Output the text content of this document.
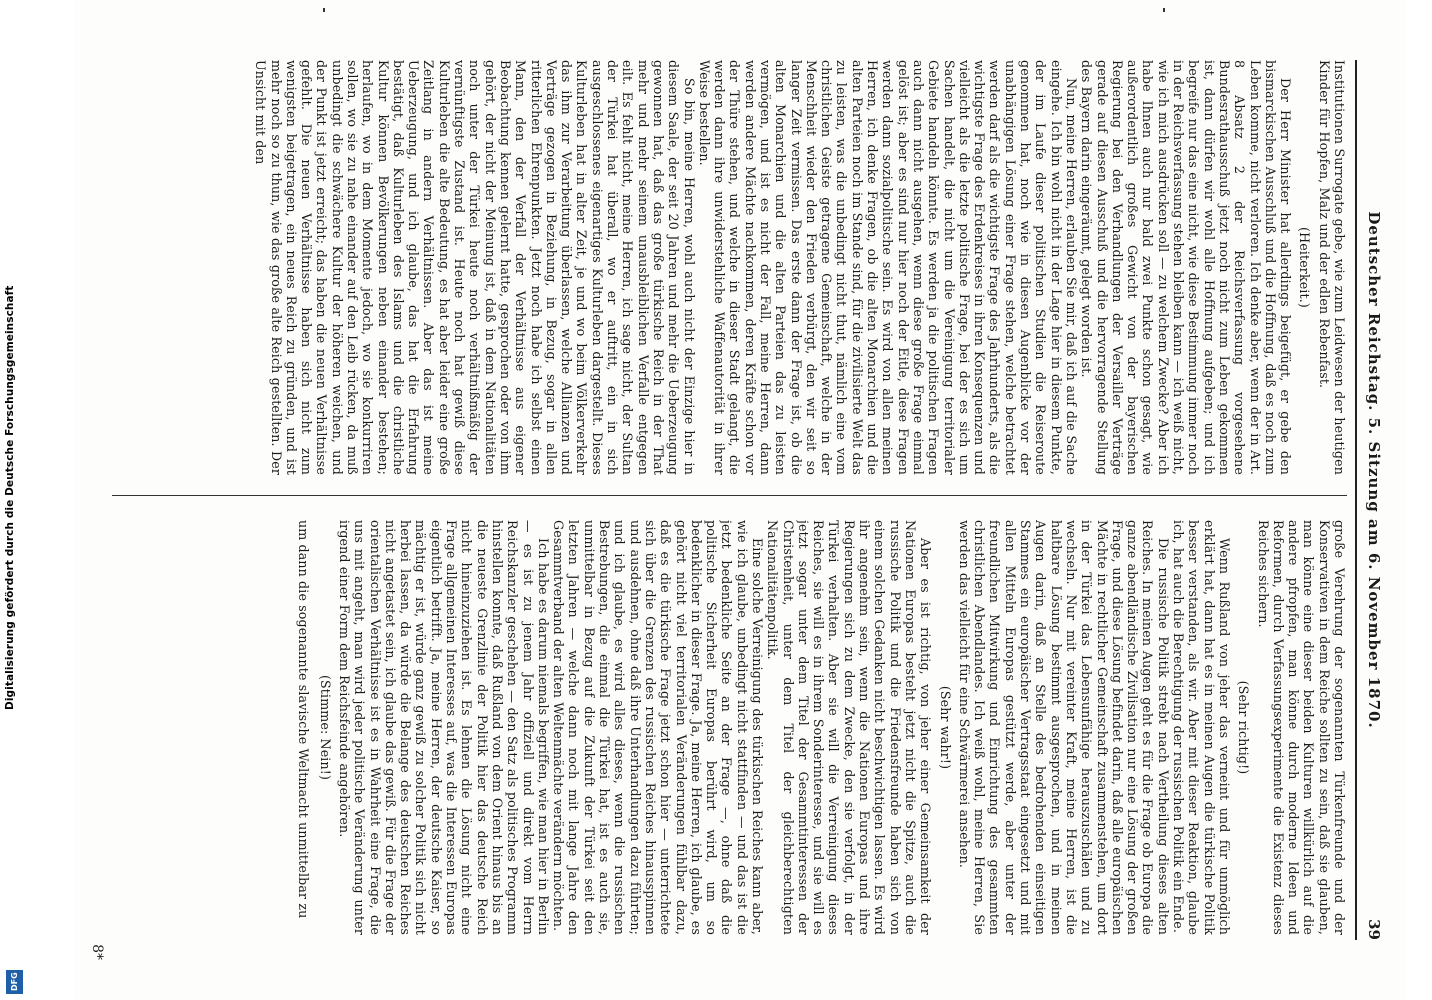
Deutscher Reichstag. 5. Sitzung am 6. November 1870.
39

Institutionen Surrogate gebe, wie zum Leidwesen der heutigen Kinder für Hopfen, Malz und der edlen Rebenfast.

(Heiterkeit.)

Der Herr Minister hat allerdings beigefügt, er gebe den bismarckischen Ausschluß und die Hoffnung, daß es noch zum Leben komme, nicht verloren. Ich denke aber, wenn der in Art. 8 Absatz 2 der Reichsverfassung vorgesehene Bundesrathausschuß jetzt noch nicht zum Leben gekommen ist, dann dürfen wir wohl alle Hoffnung aufgeben; und ich begreife nur das eine nicht, wie diese Bestimmung immer noch in der Reichsverfassung stehen bleiben kann — ich weiß nicht, wie ich mich ausdrücken soll — zu welchem Zwecke? Aber ich habe Ihnen auch nur bald zwei Punkte schon gesagt, wie außerordentlich großes Gewicht von der bayerischen Regierung bei den Verhandlungen der Versailler Verträge gerade auf diesen Ausschuß und die hervorragende Stellung des Bayern darin eingeräumt, gelegt worden ist.

Nun, meine Herren, erlauben Sie mir, daß ich auf die Sache eingehe. Ich bin wohl nicht in der Lage hier in diesem Punkte, der im Laufe dieser politischen Studien die Reiseroute genommen hat, noch wie in diesen Augenblicke vor der unabhängigen Lösung einer Frage stehen, welche betrachtet werden darf als die wichtigste Frage des Jahrhunderts, als die wichtigste Frage des Erdenkreises in ihren Konsequenzen und vielleicht als die letzte politische Frage, bei der es sich um Sachen handelt, die nicht um die Vereinigung territorialer Gebiete handeln könnte. Es werden ja die politischen Fragen auch dann nicht ausgehen, wenn diese große Frage einmal gelöst ist; aber es sind nur hier noch der Eitle, diese Fragen werden dann sozialpolitische sein. Es wird von allen meinen Herren, ich denke Fragen, ob die alten Monarchien und die alten Parteien noch im Stande sind, für die zivilisierte Welt das zu leisten, was die unbedingt nicht thut, nämlich eine vom christlichen Geiste getragene Gemeinschaft, welche in der Menschheit wieder den Frieden verbürgt, den wir seit so langer Zeit vermissen. Das erste dann der Frage ist, ob die alten Monarchien und die alten Parteien das zu leisten vermögen, und ist es nicht der Fall, meine Herren, dann werden andere Mächte nachkommen, deren Kräfte schon vor der Thüre stehen, und welche in dieser Stadt gelangt, die werden dann ihre unwiderstehliche Waffenautorität in ihrer Weise bestellen.

So bin, meine Herren, wohl auch nicht der Einzige hier in diesem Saale, der seit 20 Jahren und mehr die Ueberzeugung gewonnen hat, daß das große türkische Reich in der That mehr und mehr seinem unausbleiblichen Verfalle entgegen eilt. Es fehlt nicht, meine Herren, ich sage nicht, der Sultan der Türkei hat überall, wo er auftritt, ein in sich ausgeschlossenes eigenartiges Kulturleben dargestellt. Dieses Kulturleben hat in alter Zeit, je und wo beim Völkerverkehr das ihm zur Verarbeitung überlassen, welche Allianzen und Verträge gezogen in Beziehung, in Bezug, sogar in allen ritterlichen Ehrenpunkten. Jetzt noch habe ich selbst einen Mann, den der Verfall der Verhältnisse aus eigener Beobachtung kennen gelernt hatte, gesprochen oder von ihm gehört, der nicht der Meinung ist, daß in dem Nationalitäten noch unter der Türkei heute noch verhältnißmäßig der vernünftigste Zustand ist. Heute noch hat gewiß diese Kulturleben die alte Bedeutung, es hat aber leider eine große Zeitlang in andern Verhältnissen. Aber das ist meine Ueberzeugung, und ich glaube, das hat die Erfahrung bestätigt, daß Kulturleben des Islams und die christliche Kultur können Bevölkerungen neben einander bestehen; herlaufen, wo in dem Momente jedoch, wo sie konkurriren sollen, wo sie zu nahe einander auf den Leib rücken, da muß unbedingt die schwächere Kultur der höheren weichen, und der Punkt ist jetzt erreicht; das haben die neuen Verhältnisse gefehlt. Die neuen Verhältnisse haben sich nicht zum wenigsten beigetragen, ein neues Reich zu gründen, und ist mehr noch so zu thun, wie das große alte Reich gestellten. Der Unsicht mit den

große Verehrung der sogenannten Türkenfreunde und der Konservativen in dem Reiche sollten zu sein, daß sie glauben, man könne eine dieser beiden Kulturen willkürlich auf die andere pfropfen, man könne durch moderne Ideen und Reformen, durch Verfassungsexperimente die Existenz dieses Reiches sichern.

(Sehr richtig!)

Wenn Rußland von jeher das verneint und für unmöglich erklärt hat, dann hat es in meinen Augen die türkische Politik besser verstanden, als wir. Aber mit dieser Reaktion, glaube ich, hat auch die Berechtigung der russischen Politik ein Ende.

Die russische Politik strebt nach Vertheilung dieses alten Reiches. In meinen Augen geht es für die Frage ob Europa die ganze abendländische Zivilisation nur eine Lösung der großen Frage, und diese Lösung befindet darin, daß alle europäischen Mächte in rechtlicher Gemeinschaft zusammenstehen, um dort in der Türkei das Lebensunfähige herauszuschälen und zu wechseln. Nur mit vereinter Kraft, meine Herren, ist die haltbare Lösung bestimmt ausgesprochen, und in meinen Augen darin, daß an Stelle des bedrohenden einseitigen Stammes ein europäischer Vertragsstaat eingesetzt und mit allen Mitteln Europas gestützt werde, aber unter der freundlichen Mitwirkung und Einrichtung des gesammten christlichen Abendlandes. Ich weiß wohl, meine Herren, Sie werden das vielleicht für eine Schwärmerei ansehen.

(Sehr wahr!)

Aber es ist richtig, von jeher einer Gemeinsamkeit der Nationen Europas besteht jetzt nicht die Spitze, auch die russische Politik und die Friedensfreunde haben sich von einem solchen Gedanken nicht beschwichtigen lassen. Es wird ihr angenehm sein, wenn die Nationen Europas und ihre Regierungen sich zu dem Zwecke, den sie verfolgt, in der Türkei verhalten. Aber sie will die Verreinigung dieses Reiches, sie will es in ihrem Sonderinteresse, und sie will es jetzt sogar unter dem Titel der Gesammtinteressen der Christenheit, unter dem Titel der gleichberechtigten Nationalitätenpolitik.

Eine solche Verreinigung des türkischen Reiches kann aber, wie ich glaube, unbedingt nicht stattfinden — und das ist die jetzt bedenkliche Seite an der Frage —, ohne daß die politische Sicherheit Europas berührt wird, um so bedenklicher in dieser Frage. Ja, meine Herren, ich glaube, es gehört nicht viel territorialen Veränderungen fühlbar dazu, daß es die türkische Frage jetzt schon hier — unterrichtete sich über die Grenzen des russischen Reiches hinausspinnen und ausdehnen, ohne daß ihre Unterhandlungen dazu führten; und ich glaube, es wird alles dieses, wenn die russischen Bestrebungen, die einmal die Türkei hat, ist es auch sie, unmittelbar in Bezug auf die Zukunft der Türkei seit den letzten Jahren — welche dann noch mit lange Jahre den Gesammtverband der alten Weltenmächte verändern möchten.

Ich habe es darum niemals begriffen, wie man hier in Berlin — es ist zu jenem Jahr offiziell und direkt vom Herrn Reichskanzler geschehen — den Satz als politisches Programm hinstellen konnte, daß Rußland von dem Orient hinaus bis an die neueste Grenzlinie der Politik hier das deutsche Reich nicht hineinzuziehen ist. Es lehnen die Lösung nicht eine Frage allgemeinen Interesses auf, was die Interessen Europas eigentlich betrifft. Ja, meine Herren, der deutsche Kaiser, so mächtig er ist, würde ganz gewiß zu solcher Politik sich nicht herbei lassen, da würde die Belange des deutschen Reiches nicht angetastet sein, ich glaube das gewiß. Für die Frage der orientalischen Verhältnisse ist es in Wahrheit eine Frage, die uns mit angeht, man wird jeder politische Veränderung unter irgend einer Form dem Reichsfeinde angehören.

(Stimme: Nein!)

um dann die sogenannte slavische Weltmacht unmittelbar zu

8*
Digitalisierung gefördert durch die Deutsche Forschungsgemeinschaft
DFG
